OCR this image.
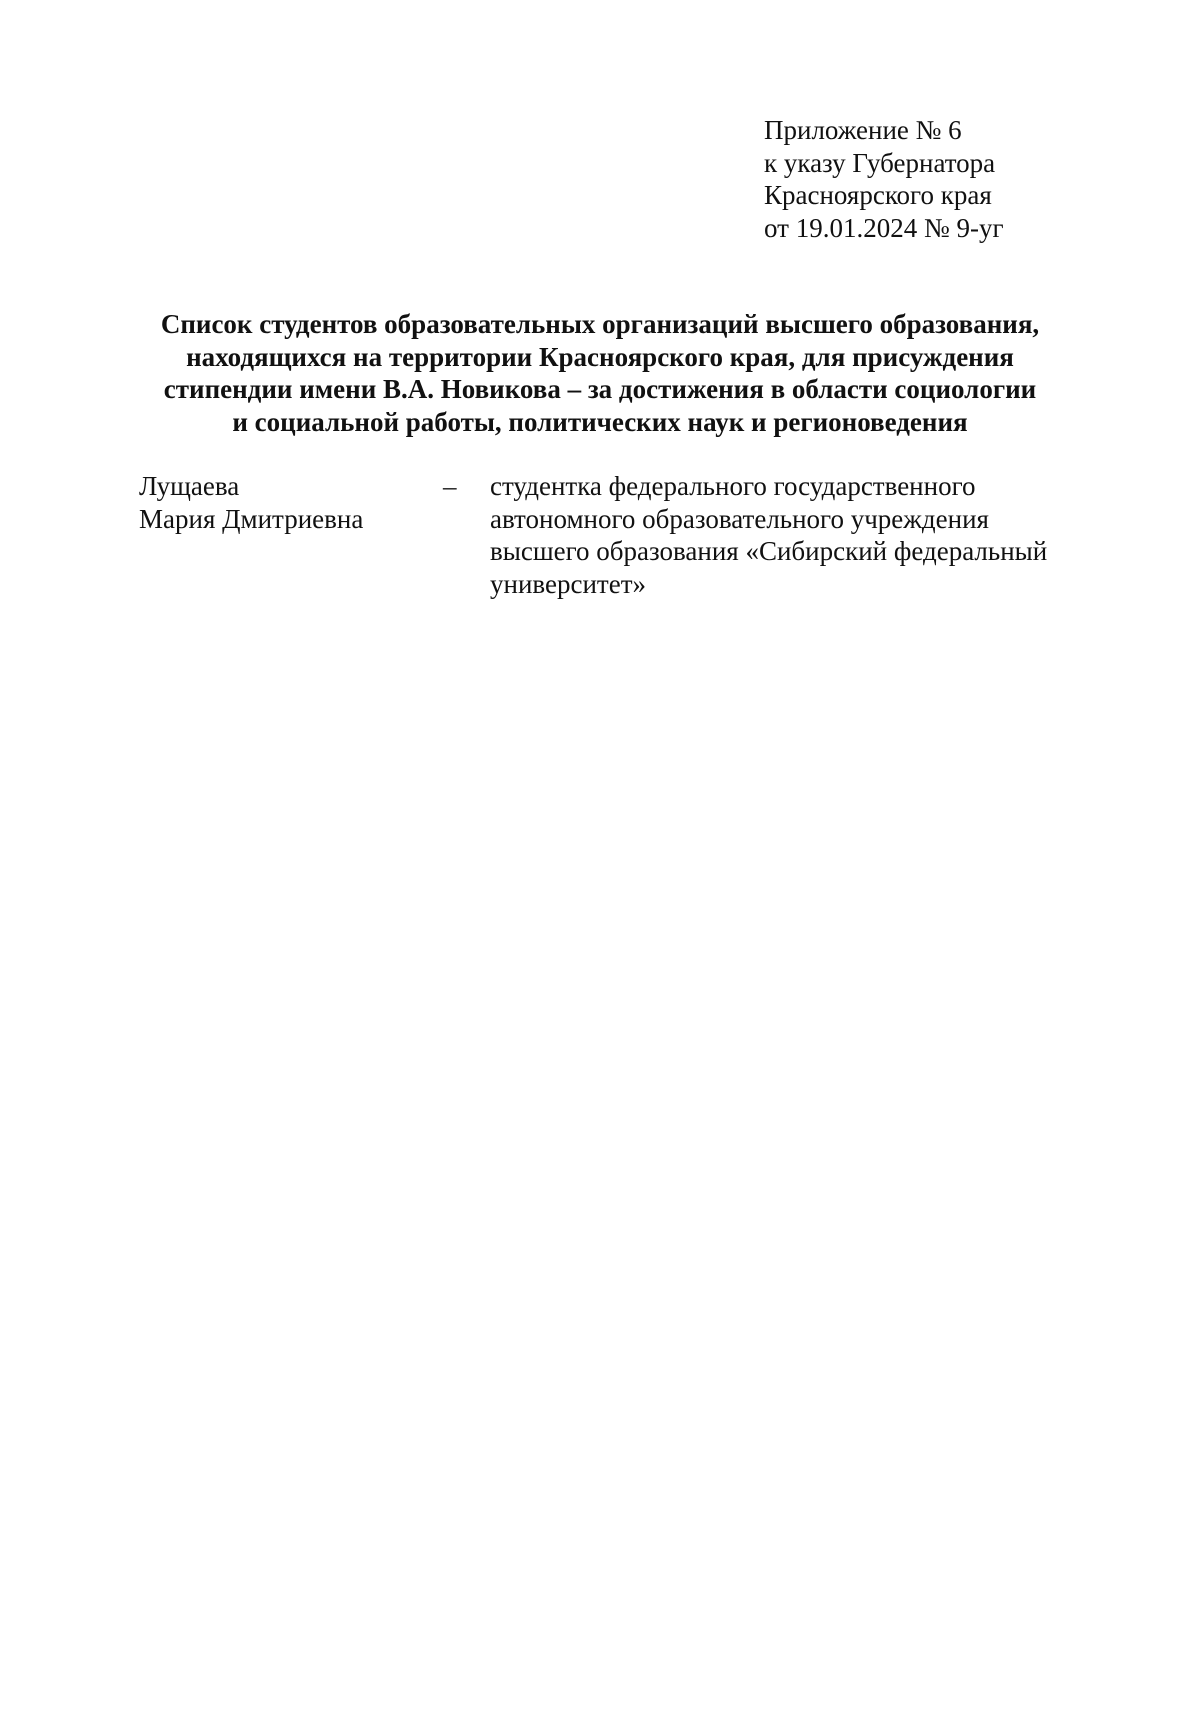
Приложение № 6
к указу Губернатора
Красноярского края
от 19.01.2024 № 9-уг
Список студентов образовательных организаций высшего образования,
находящихся на территории Красноярского края, для присуждения
стипендии имени В.А. Новикова – за достижения в области социологии
и социальной работы, политических наук и регионоведения
Лущаева
Мария Дмитриевна
– студентка федерального государственного
автономного образовательного учреждения
высшего образования «Сибирский федеральный
университет»
